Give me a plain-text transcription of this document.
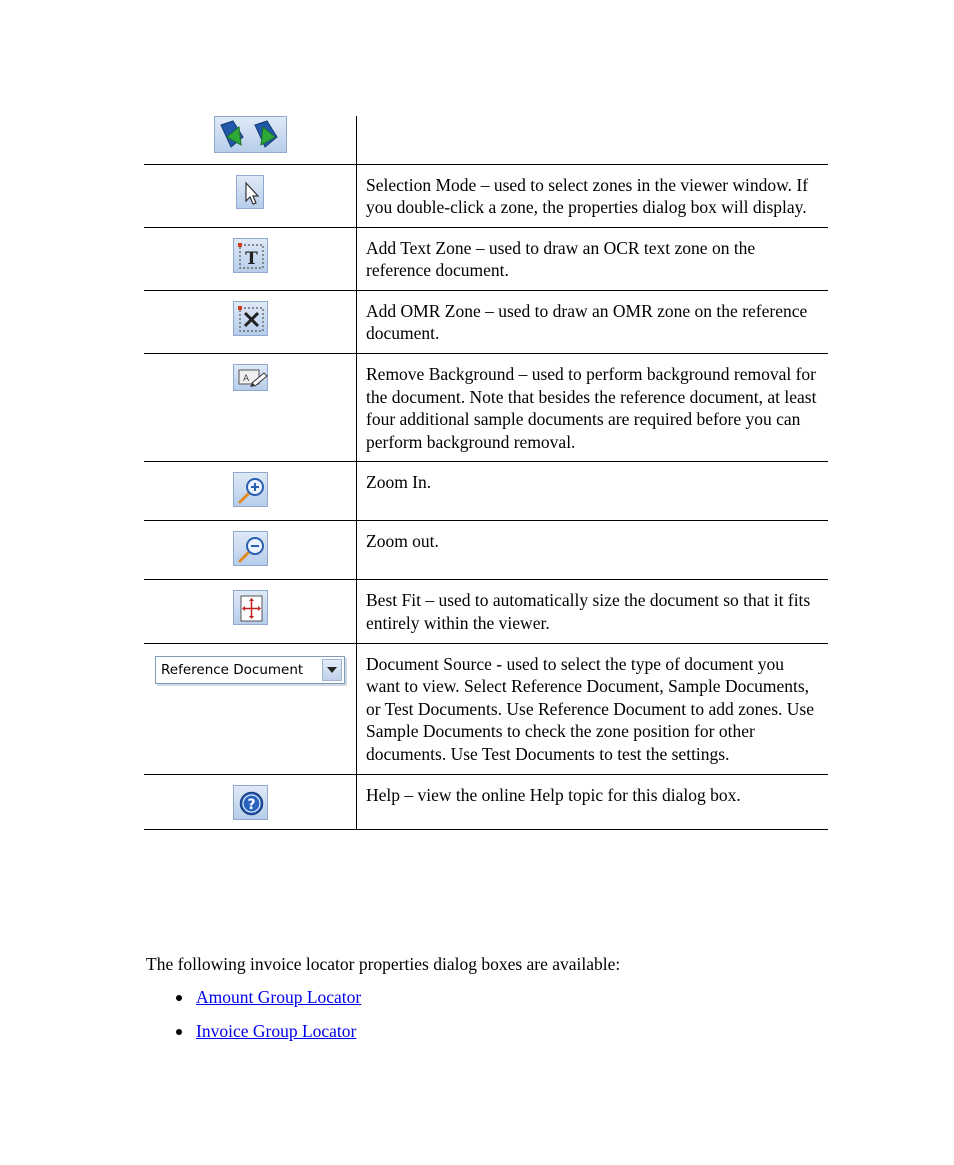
	Selection Mode – used to select zones in the viewer window. If you double-click a zone, the properties dialog box will display.

T	Add Text Zone – used to draw an OCR text zone on the reference document.

	Add OMR Zone – used to draw an OMR zone on the reference document.

A	Remove Background – used to perform background removal for the document. Note that besides the reference document, at least four additional sample documents are required before you can perform background removal.

	Zoom In.

	Zoom out.

	Best Fit – used to automatically size the document so that it fits entirely within the viewer.

Reference Document	Document Source - used to select the type of document you want to view. Select Reference Document, Sample Documents, or Test Documents. Use Reference Document to add zones. Use Sample Documents to check the zone position for other documents. Use Test Documents to test the settings.

?	Help – view the online Help topic for this dialog box.

The following invoice locator properties dialog boxes are available:

Amount Group Locator
Invoice Group Locator
